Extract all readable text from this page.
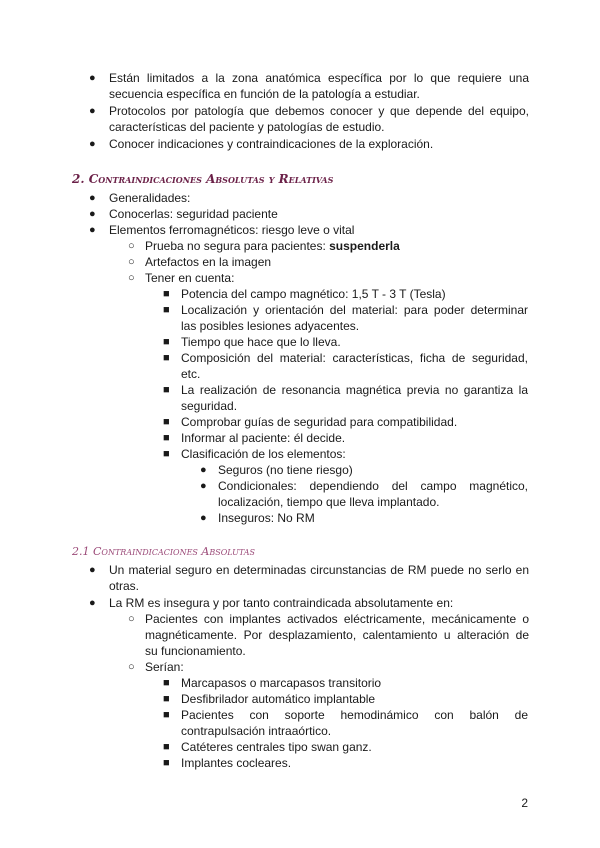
● Están limitados a la zona anatómica específica por lo que requiere una
secuencia específica en función de la patología a estudiar.
● Protocolos por patología que debemos conocer y que depende del equipo,
características del paciente y patologías de estudio.
● Conocer indicaciones y contraindicaciones de la exploración.
2. Contraindicaciones Absolutas y Relativas
● Generalidades:
● Conocerlas: seguridad paciente
● Elementos ferromagnéticos: riesgo leve o vital
○ Prueba no segura para pacientes: suspenderla
○ Artefactos en la imagen
○ Tener en cuenta:
■ Potencia del campo magnético: 1,5 T - 3 T (Tesla)
■ Localización y orientación del material: para poder determinar
las posibles lesiones adyacentes.
■ Tiempo que hace que lo lleva.
■ Composición del material: características, ficha de seguridad,
etc.
■ La realización de resonancia magnética previa no garantiza la
seguridad.
■ Comprobar guías de seguridad para compatibilidad.
■ Informar al paciente: él decide.
■ Clasificación de los elementos:
● Seguros (no tiene riesgo)
● Condicionales: dependiendo del campo magnético,
localización, tiempo que lleva implantado.
● Inseguros: No RM
2.1 Contraindicaciones Absolutas
● Un material seguro en determinadas circunstancias de RM puede no serlo en
otras.
● La RM es insegura y por tanto contraindicada absolutamente en:
○ Pacientes con implantes activados eléctricamente, mecánicamente o
magnéticamente. Por desplazamiento, calentamiento u alteración de
su funcionamiento.
○ Serían:
■ Marcapasos o marcapasos transitorio
■ Desfibrilador automático implantable
■ Pacientes con soporte hemodinámico con balón de
contrapulsación intraaórtico.
■ Catéteres centrales tipo swan ganz.
■ Implantes cocleares.
2
